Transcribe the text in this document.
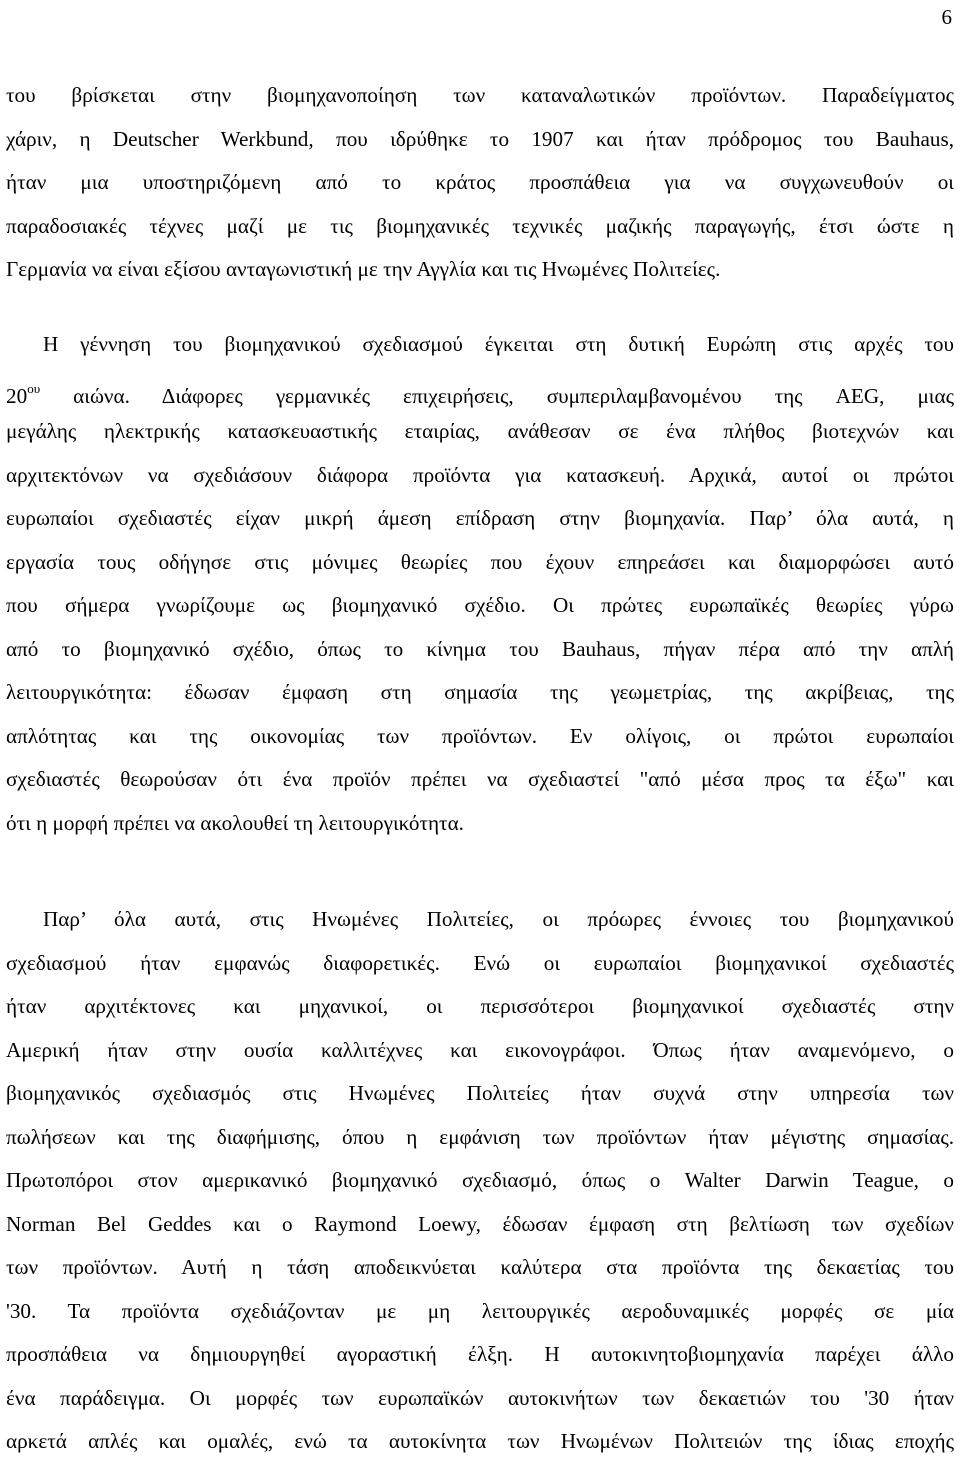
6
του βρίσκεται στην βιομηχανοποίηση των καταναλωτικών προϊόντων. Παραδείγματος
χάριν, η Deutscher Werkbund, που ιδρύθηκε το 1907 και ήταν πρόδρομος του Bauhaus,
ήταν μια υποστηριζόμενη από το κράτος προσπάθεια για να συγχωνευθούν οι
παραδοσιακές τέχνες μαζί με τις βιομηχανικές τεχνικές μαζικής παραγωγής, έτσι ώστε η
Γερμανία να είναι εξίσου ανταγωνιστική με την Αγγλία και τις Ηνωμένες Πολιτείες.
Η γέννηση του βιομηχανικού σχεδιασμού έγκειται στη δυτική Ευρώπη στις αρχές του
$20^{o\upsilon}$ αιώνα. Διάφορες γερμανικές επιχειρήσεις, συμπεριλαμβανομένου της AEG, μιας
μεγάλης ηλεκτρικής κατασκευαστικής εταιρίας, ανάθεσαν σε ένα πλήθος βιοτεχνών και
αρχιτεκτόνων να σχεδιάσουν διάφορα προϊόντα για κατασκευή. Αρχικά, αυτοί οι πρώτοι
ευρωπαίοι σχεδιαστές είχαν μικρή άμεση επίδραση στην βιομηχανία. Παρ’ όλα αυτά, η
εργασία τους οδήγησε στις μόνιμες θεωρίες που έχουν επηρεάσει και διαμορφώσει αυτό
που σήμερα γνωρίζουμε ως βιομηχανικό σχέδιο. Οι πρώτες ευρωπαϊκές θεωρίες γύρω
από το βιομηχανικό σχέδιο, όπως το κίνημα του Bauhaus, πήγαν πέρα από την απλή
λειτουργικότητα: έδωσαν έμφαση στη σημασία της γεωμετρίας, της ακρίβειας, της
απλότητας και της οικονομίας των προϊόντων. Εν ολίγοις, οι πρώτοι ευρωπαίοι
σχεδιαστές θεωρούσαν ότι ένα προϊόν πρέπει να σχεδιαστεί "από μέσα προς τα έξω" και
ότι η μορφή πρέπει να ακολουθεί τη λειτουργικότητα.
Παρ’ όλα αυτά, στις Ηνωμένες Πολιτείες, οι πρόωρες έννοιες του βιομηχανικού
σχεδιασμού ήταν εμφανώς διαφορετικές. Ενώ οι ευρωπαίοι βιομηχανικοί σχεδιαστές
ήταν αρχιτέκτονες και μηχανικοί, οι περισσότεροι βιομηχανικοί σχεδιαστές στην
Αμερική ήταν στην ουσία καλλιτέχνες και εικονογράφοι. Όπως ήταν αναμενόμενο, ο
βιομηχανικός σχεδιασμός στις Ηνωμένες Πολιτείες ήταν συχνά στην υπηρεσία των
πωλήσεων και της διαφήμισης, όπου η εμφάνιση των προϊόντων ήταν μέγιστης σημασίας.
Πρωτοπόροι στον αμερικανικό βιομηχανικό σχεδιασμό, όπως ο Walter Darwin Teague, ο
Norman Bel Geddes και ο Raymond Loewy, έδωσαν έμφαση στη βελτίωση των σχεδίων
των προϊόντων. Αυτή η τάση αποδεικνύεται καλύτερα στα προϊόντα της δεκαετίας του
'30. Τα προϊόντα σχεδιάζονταν με μη λειτουργικές αεροδυναμικές μορφές σε μία
προσπάθεια να δημιουργηθεί αγοραστική έλξη. Η αυτοκινητοβιομηχανία παρέχει άλλο
ένα παράδειγμα. Οι μορφές των ευρωπαϊκών αυτοκινήτων των δεκαετιών του '30 ήταν
αρκετά απλές και ομαλές, ενώ τα αυτοκίνητα των Ηνωμένων Πολιτειών της ίδιας εποχής
